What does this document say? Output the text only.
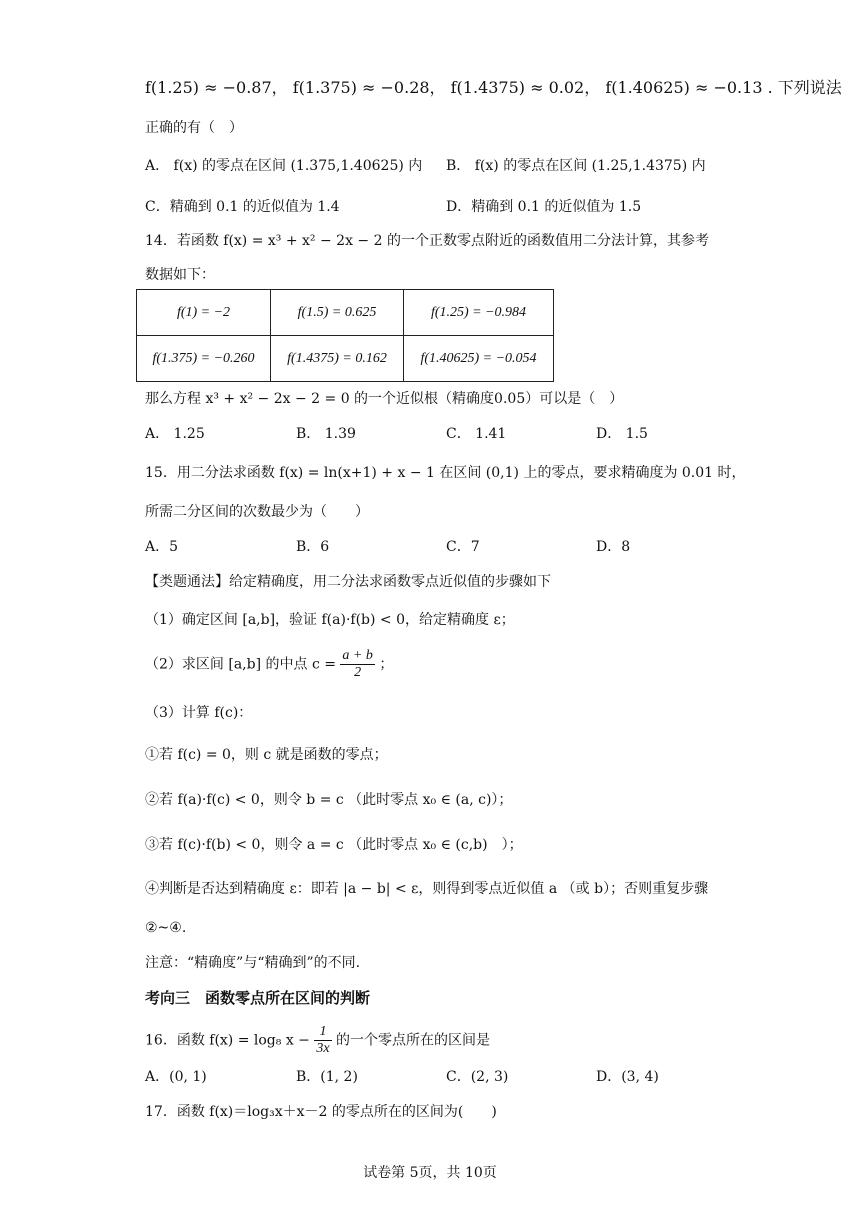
f(1.25) ≈ −0.87， f(1.375) ≈ −0.28， f(1.4375) ≈ 0.02， f(1.40625) ≈ −0.13 . 下列说法
正确的有（　）
A． f(x) 的零点在区间 (1.375,1.40625) 内 B． f(x) 的零点在区间 (1.25,1.4375) 内
C．精确到 0.1 的近似值为 1.4	D．精确到 0.1 的近似值为 1.5
14．若函数 f(x) = x³ + x² − 2x − 2 的一个正数零点附近的函数值用二分法计算，其参考
数据如下：
f(1) = −2	f(1.5) = 0.625	f(1.25) = −0.984
f(1.375) = −0.260	f(1.4375) = 0.162	f(1.40625) = −0.054
那么方程 x³ + x² − 2x − 2 = 0 的一个近似根（精确度0.05）可以是（　）
A． 1.25	B． 1.39	C． 1.41	D． 1.5
15．用二分法求函数 f(x) = ln(x+1) + x − 1 在区间 (0,1) 上的零点，要求精确度为 0.01 时，
所需二分区间的次数最少为（　　）
A．5	B．6	C．7	D．8
【类题通法】给定精确度，用二分法求函数零点近似值的步骤如下
（1）确定区间 [a,b]，验证 f(a)·f(b) < 0，给定精确度 ε；
（2）求区间 [a,b] 的中点 $c = \frac{a + b}{2}$ ；
（3）计算 f(c)：
①若 f(c) = 0，则 c 就是函数的零点；
②若 f(a)·f(c) < 0，则令 b = c （此时零点 x₀ ∈ (a, c)）；
③若 f(c)·f(b) < 0，则令 a = c （此时零点 x₀ ∈ (c,b)　）；
④判断是否达到精确度 ε：即若 |a − b| < ε，则得到零点近似值 a （或 b）；否则重复步骤
②~④.
注意：“精确度”与“精确到”的不同.
考向三　函数零点所在区间的判断
16．函数 f(x) = log₈ $x - \frac{1}{3x}$ 的一个零点所在的区间是
A．(0, 1)	B．(1, 2)	C．(2, 3)	D．(3, 4)
17．函数 f(x)＝log₃x＋x－2 的零点所在的区间为(　　)
试卷第 5页，共 10页
